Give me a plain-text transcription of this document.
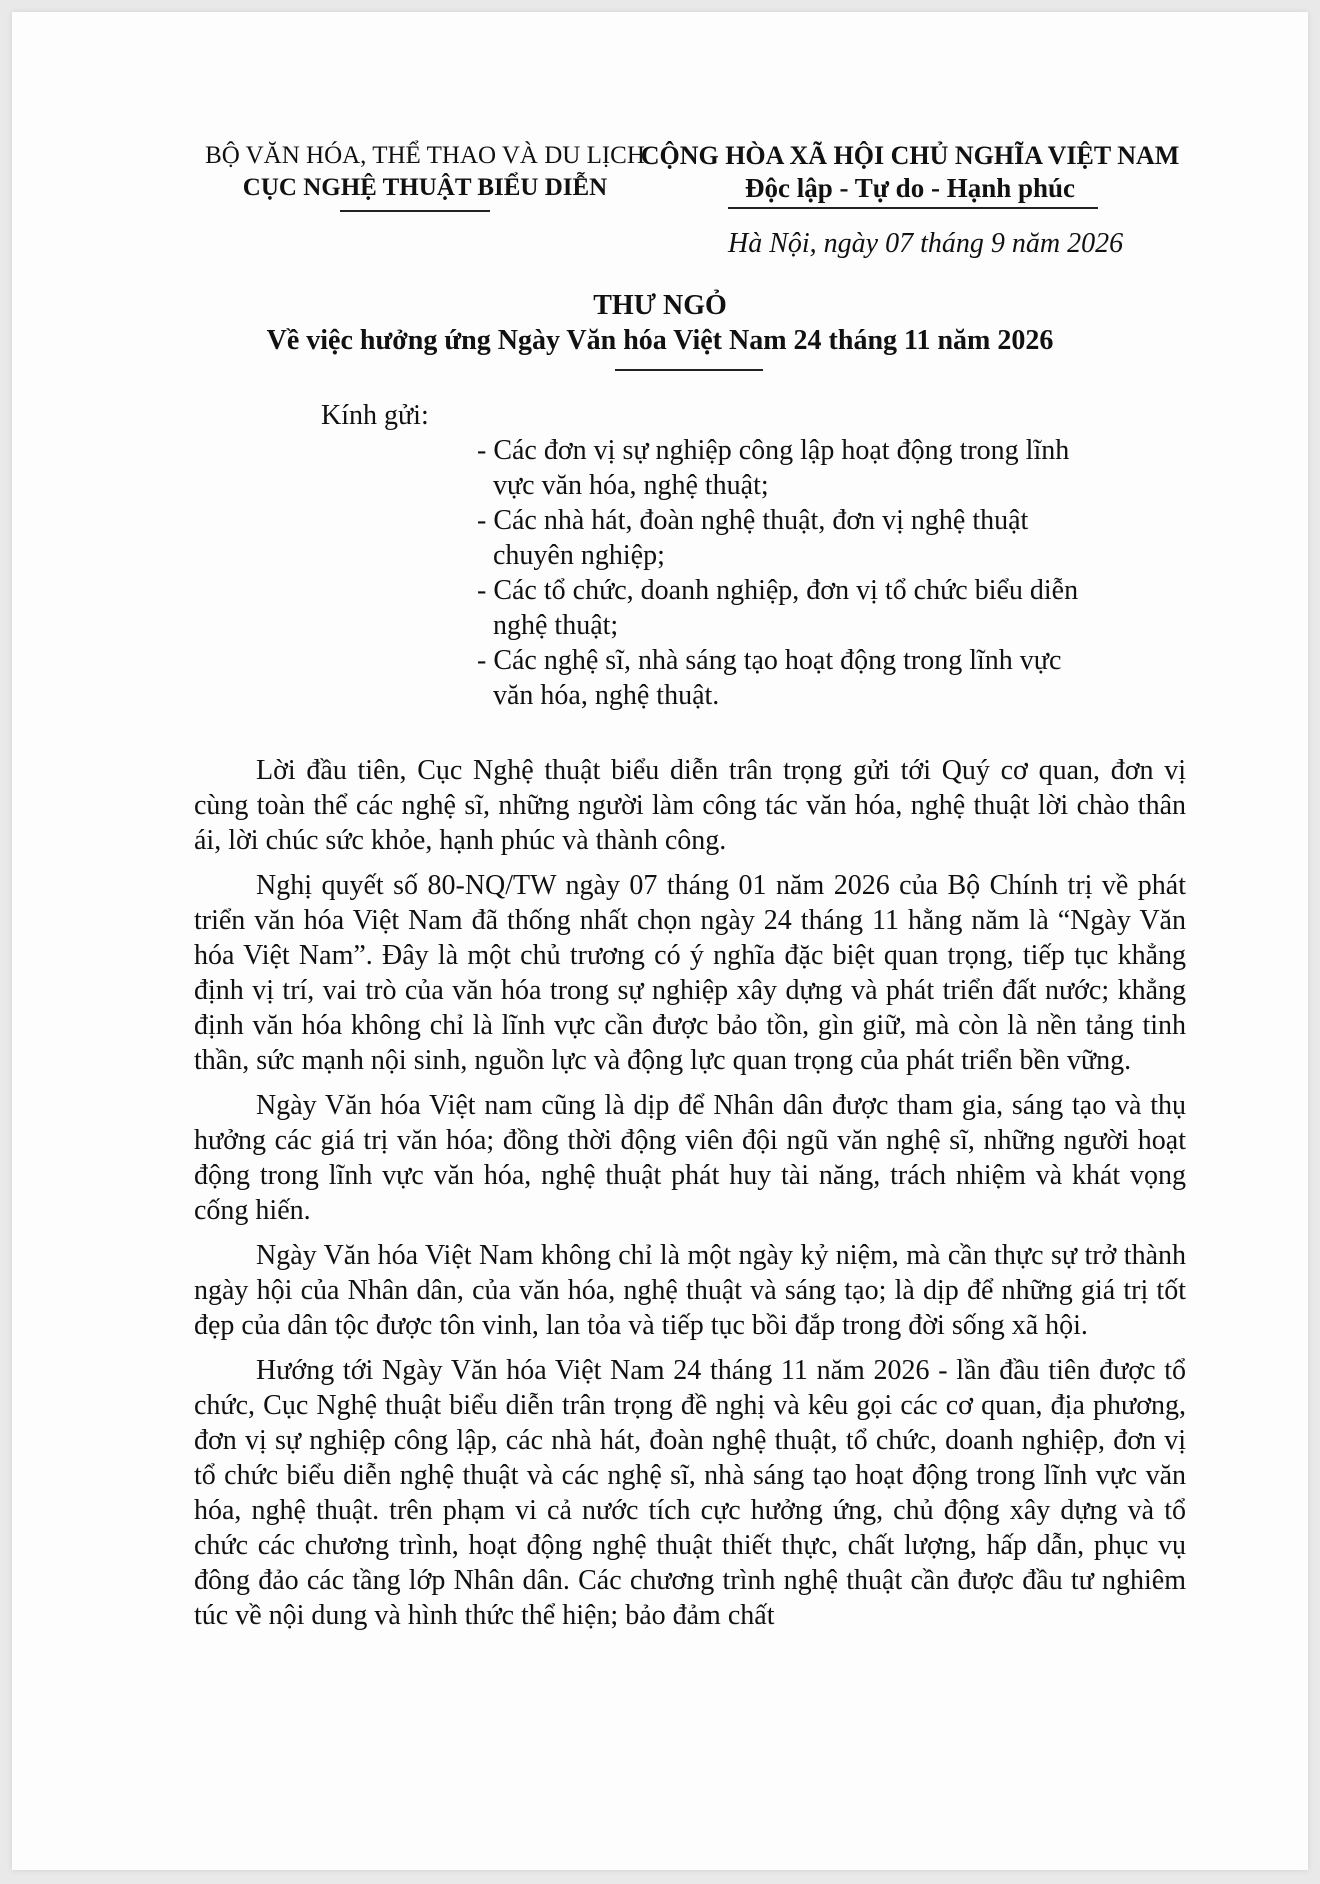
BỘ VĂN HÓA, THỂ THAO VÀ DU LỊCH
CỤC NGHỆ THUẬT BIỂU DIỄN
CỘNG HÒA XÃ HỘI CHỦ NGHĨA VIỆT NAM
Độc lập - Tự do - Hạnh phúc
Hà Nội, ngày 07 tháng 9 năm 2026
THƯ NGỎ
Về việc hưởng ứng Ngày Văn hóa Việt Nam 24 tháng 11 năm 2026
Kính gửi:
- Các đơn vị sự nghiệp công lập hoạt động trong lĩnh
vực văn hóa, nghệ thuật;
- Các nhà hát, đoàn nghệ thuật, đơn vị nghệ thuật
chuyên nghiệp;
- Các tổ chức, doanh nghiệp, đơn vị tổ chức biểu diễn
nghệ thuật;
- Các nghệ sĩ, nhà sáng tạo hoạt động trong lĩnh vực
văn hóa, nghệ thuật.

Lời đầu tiên, Cục Nghệ thuật biểu diễn trân trọng gửi tới Quý cơ quan, đơn vị cùng toàn thể các nghệ sĩ, những người làm công tác văn hóa, nghệ thuật lời chào thân ái, lời chúc sức khỏe, hạnh phúc và thành công.

Nghị quyết số 80-NQ/TW ngày 07 tháng 01 năm 2026 của Bộ Chính trị về phát triển văn hóa Việt Nam đã thống nhất chọn ngày 24 tháng 11 hằng năm là “Ngày Văn hóa Việt Nam”. Đây là một chủ trương có ý nghĩa đặc biệt quan trọng, tiếp tục khẳng định vị trí, vai trò của văn hóa trong sự nghiệp xây dựng và phát triển đất nước; khẳng định văn hóa không chỉ là lĩnh vực cần được bảo tồn, gìn giữ, mà còn là nền tảng tinh thần, sức mạnh nội sinh, nguồn lực và động lực quan trọng của phát triển bền vững.

Ngày Văn hóa Việt nam cũng là dịp để Nhân dân được tham gia, sáng tạo và thụ hưởng các giá trị văn hóa; đồng thời động viên đội ngũ văn nghệ sĩ, những người hoạt động trong lĩnh vực văn hóa, nghệ thuật phát huy tài năng, trách nhiệm và khát vọng cống hiến.

Ngày Văn hóa Việt Nam không chỉ là một ngày kỷ niệm, mà cần thực sự trở thành ngày hội của Nhân dân, của văn hóa, nghệ thuật và sáng tạo; là dịp để những giá trị tốt đẹp của dân tộc được tôn vinh, lan tỏa và tiếp tục bồi đắp trong đời sống xã hội.

Hướng tới Ngày Văn hóa Việt Nam 24 tháng 11 năm 2026 - lần đầu tiên được tổ chức, Cục Nghệ thuật biểu diễn trân trọng đề nghị và kêu gọi các cơ quan, địa phương, đơn vị sự nghiệp công lập, các nhà hát, đoàn nghệ thuật, tổ chức, doanh nghiệp, đơn vị tổ chức biểu diễn nghệ thuật và các nghệ sĩ, nhà sáng tạo hoạt động trong lĩnh vực văn hóa, nghệ thuật. trên phạm vi cả nước tích cực hưởng ứng, chủ động xây dựng và tổ chức các chương trình, hoạt động nghệ thuật thiết thực, chất lượng, hấp dẫn, phục vụ đông đảo các tầng lớp Nhân dân. Các chương trình nghệ thuật cần được đầu tư nghiêm túc về nội dung và hình thức thể hiện; bảo đảm chất
